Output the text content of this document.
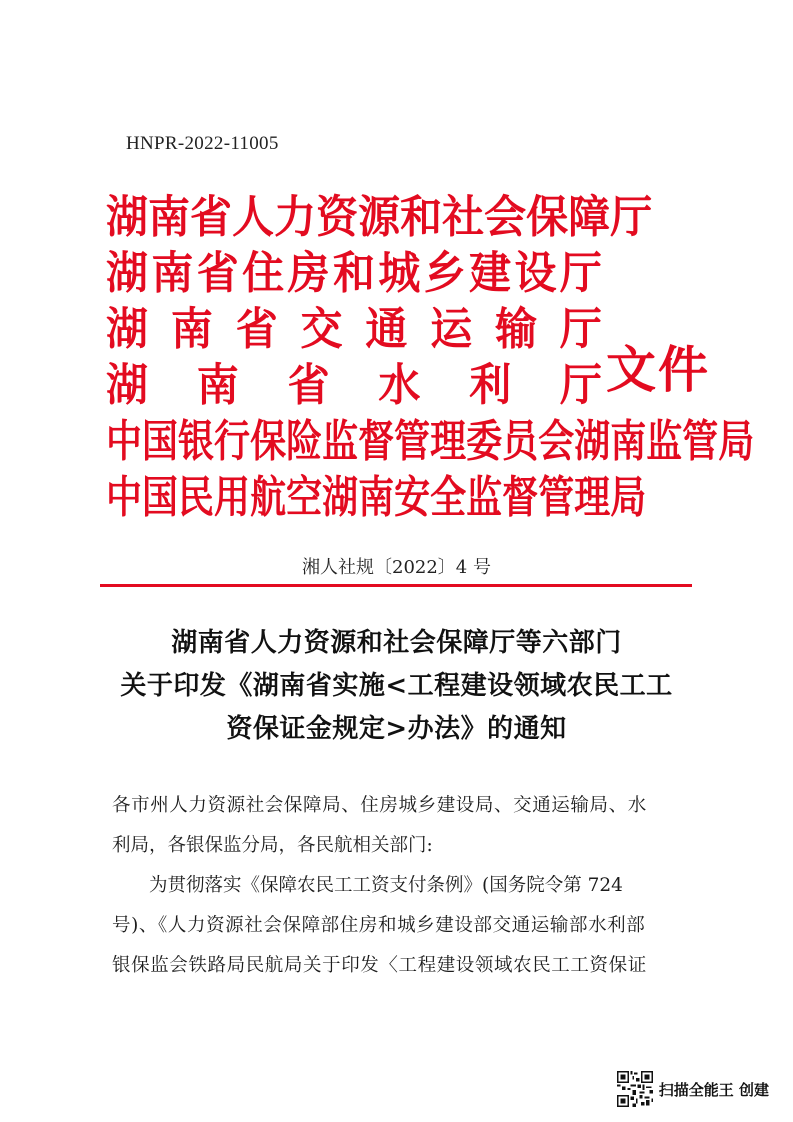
HNPR-2022-11005
湖 南 省 人 力 资 源 和 社 会 保 障 厅
湖 南 省 住 房 和 城 乡 建 设 厅
湖 南 省 交 通 运 输 厅
湖 南 省 水 利 厅
中 国 银 行 保 险 监 督 管 理 委 员 会 湖 南 监 管 局
中 国 民 用 航 空 湖 南 安 全 监 督 管 理 局
文件
湘人社规〔2022〕4 号
湖南省人力资源和社会保障厅等六部门
关于印发《湖南省实施<工程建设领域农民工工
资保证金规定>办法》的通知

各市州人力资源社会保障局、住房城乡建设局、交通运输局、水

利局，各银保监分局，各民航相关部门:

为贯彻落实《保障农民工工资支付条例》(国务院令第 724

号)、《人力资源社会保障部住房和城乡建设部交通运输部水利部

银保监会铁路局民航局关于印发〈工程建设领域农民工工资保证

扫描全能王 创建
